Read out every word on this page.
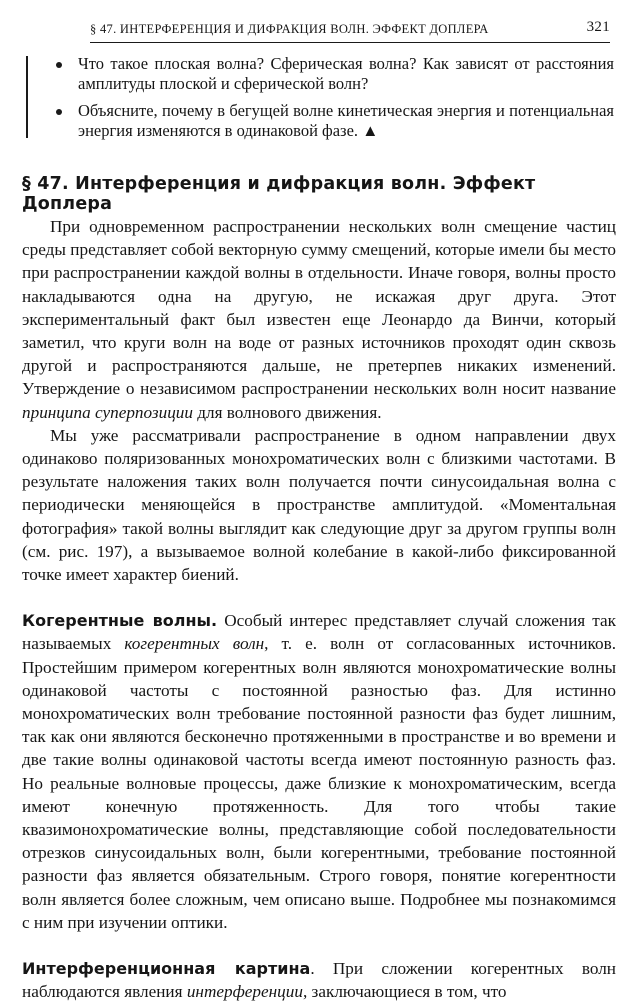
§ 47. ИНТЕРФЕРЕНЦИЯ И ДИФРАКЦИЯ ВОЛН. ЭФФЕКТ ДОПЛЕРА	321
Что такое плоская волна? Сферическая волна? Как зависят от расстояния амплитуды плоской и сферической волн?
Объясните, почему в бегущей волне кинетическая энергия и потенциальная энергия изменяются в одинаковой фазе. ▲
§ 47. Интерференция и дифракция волн. Эффект Доплера

При одновременном распространении нескольких волн смещение частиц среды представляет собой векторную сумму смещений, которые имели бы место при распространении каждой волны в отдельности. Иначе говоря, волны просто накладываются одна на другую, не искажая друг друга. Этот экспериментальный факт был известен еще Леонардо да Винчи, который заметил, что круги волн на воде от разных источников проходят один сквозь другой и распространяются дальше, не претерпев никаких изменений. Утверждение о независимом распространении нескольких волн носит название принципа суперпозиции для волнового движения.

Мы уже рассматривали распространение в одном направлении двух одинаково поляризованных монохроматических волн с близкими частотами. В результате наложения таких волн получается почти синусоидальная волна с периодически меняющейся в пространстве амплитудой. «Моментальная фотография» такой волны выглядит как следующие друг за другом группы волн (см. рис. 197), а вызываемое волной колебание в какой-либо фиксированной точке имеет характер биений.

Когерентные волны. Особый интерес представляет случай сложения так называемых когерентных волн, т. е. волн от согласованных источников. Простейшим примером когерентных волн являются монохроматические волны одинаковой частоты с постоянной разностью фаз. Для истинно монохроматических волн требование постоянной разности фаз будет лишним, так как они являются бесконечно протяженными в пространстве и во времени и две такие волны одинаковой частоты всегда имеют постоянную разность фаз. Но реальные волновые процессы, даже близкие к монохроматическим, всегда имеют конечную протяженность. Для того чтобы такие квазимонохроматические волны, представляющие собой последовательности отрезков синусоидальных волн, были когерентными, требование постоянной разности фаз является обязательным. Строго говоря, понятие когерентности волн является более сложным, чем описано выше. Подробнее мы познакомимся с ним при изучении оптики.

Интерференционная картина. При сложении когерентных волн наблюдаются явления интерференции, заключающиеся в том, что
